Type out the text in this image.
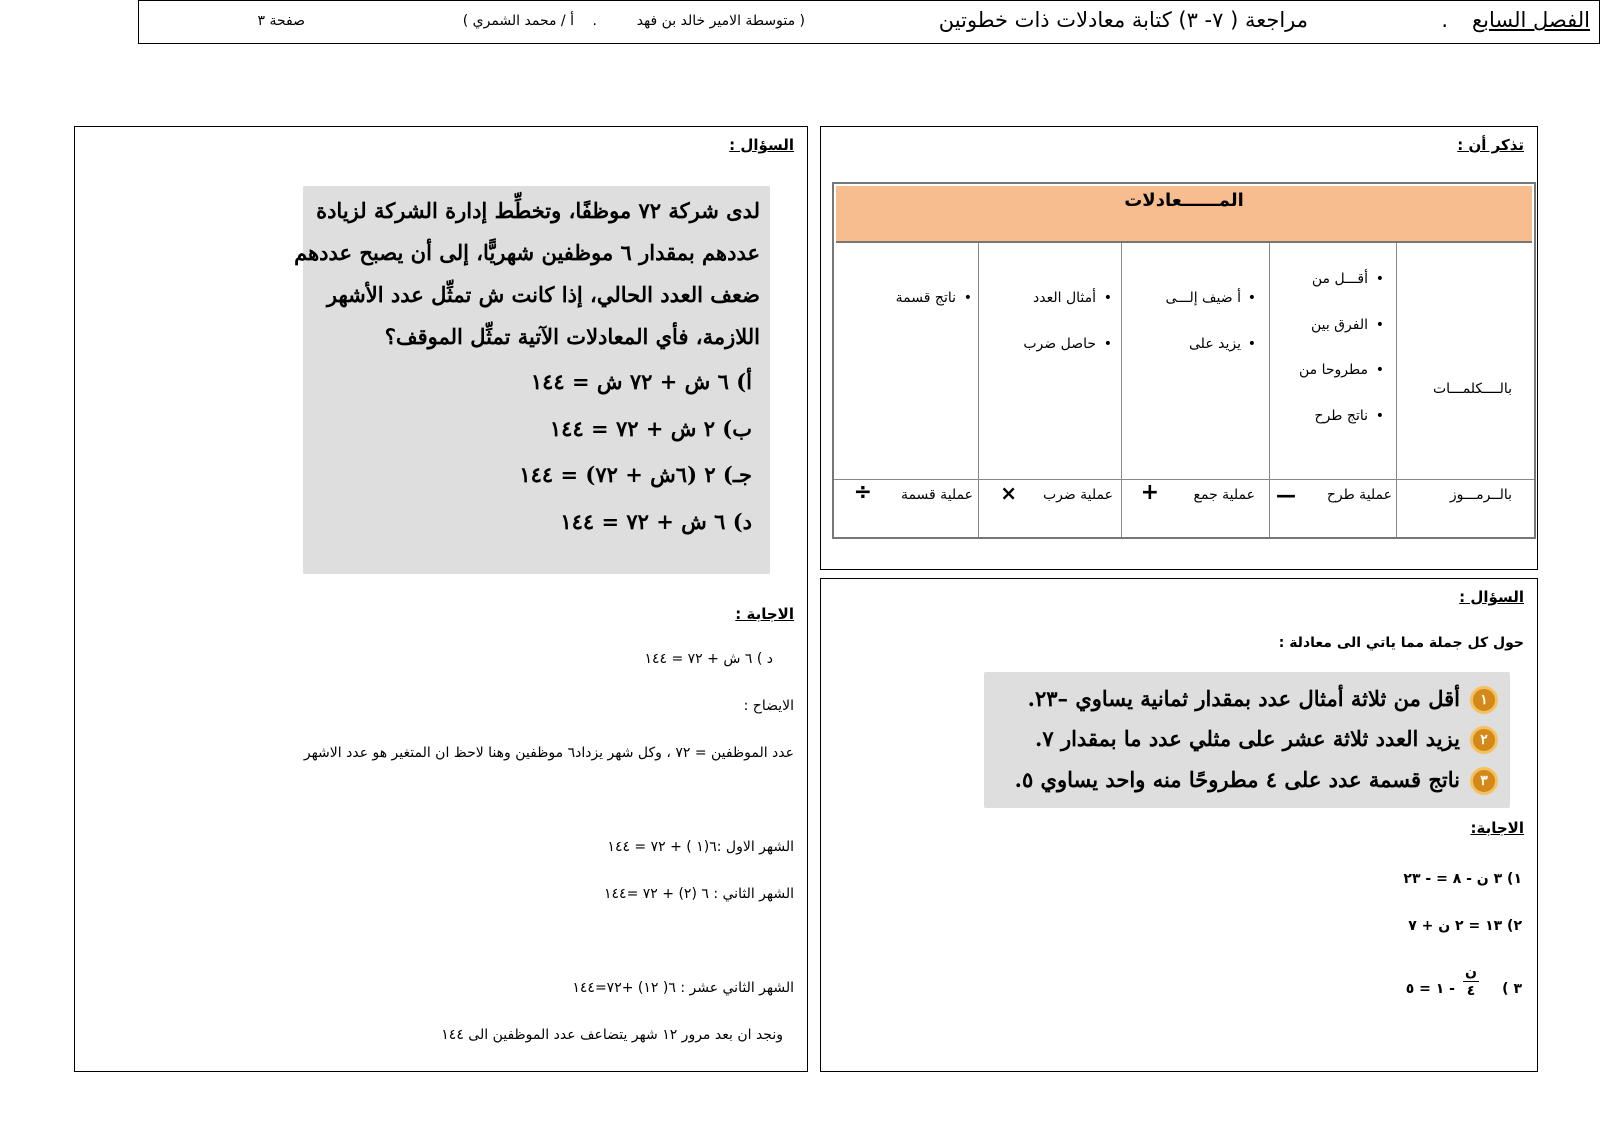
الفصل السابع
.
مراجعة ( ٧- ٣) كتابة معادلات ذات خطوتين
( متوسطة الامير خالد بن فهد
.
أ / محمد الشمري )
صفحة ٣
تذكر أن :
المــــــعادلات
بالــــكلمـــات
•
أقـــل من
•
الفرق بين
•
مطروحا من
•
ناتج طرح
•
أ ضيف إلـــى
•
يزيد على
•
أمثال العدد
•
حاصل ضرب
•
ناتج قسمة
بالــرمـــوز
عملية طرح
—
عملية جمع
+
عملية ضرب
×
عملية قسمة
÷
السؤال :
حول كل جملة مما ياتي الى معادلة :
١
أقل من ثلاثة أمثال عدد بمقدار ثمانية يساوي –٢٣.
٢
يزيد العدد ثلاثة عشر على مثلي عدد ما بمقدار ٧.
٣
ناتج قسمة عدد على ٤ مطروحًا منه واحد يساوي ٥.
الاجابة:
١) ٣ ن - ٨ = - ٢٣
٢) ١٣ = ٢ ن + ٧
٣ )
ن
٤
- ١ = ٥
السؤال :
لدى شركة ٧٢ موظفًا، وتخطِّط إدارة الشركة لزيادة
عددهم بمقدار ٦ موظفين شهريًّا، إلى أن يصبح عددهم
ضعف العدد الحالي، إذا كانت ش تمثِّل عدد الأشهر
اللازمة، فأي المعادلات الآتية تمثِّل الموقف؟
أ) ٦ ش + ٧٢ ش = ١٤٤
ب) ٢ ش + ٧٢ = ١٤٤
جـ) ٢ (٦ش + ٧٢) = ١٤٤
د) ٦ ش + ٧٢ = ١٤٤
الاجابة :
د ) ٦ ش + ٧٢ = ١٤٤
الايضاح :
عدد الموظفين = ٧٢ ، وكل شهر يزداد٦ موظفين وهنا لاحظ ان المتغير هو عدد الاشهر
الشهر الاول :٦(١ ) + ٧٢ = ١٤٤
الشهر الثاني : ٦ (٢) + ٧٢ =١٤٤
الشهر الثاني عشر : ٦( ١٢) +٧٢=١٤٤
ونجد ان بعد مرور ١٢ شهر يتضاعف عدد الموظفين الى ١٤٤
